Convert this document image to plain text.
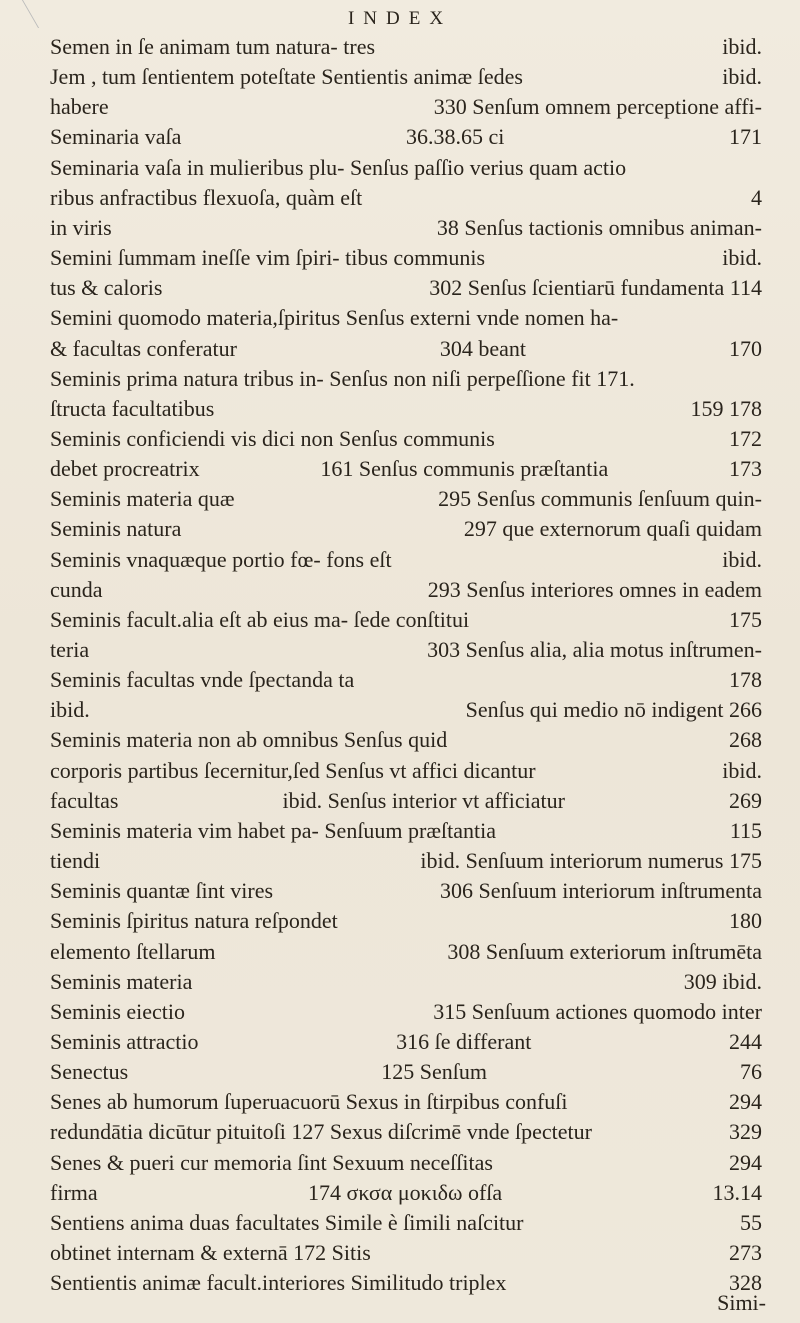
INDEX
Semen in ſe animam tum natura- tres	ibid.
Jem , tum ſentientem poteſtate Sentientis animæ ſedes	ibid.
habere	330 Senſum omnem perceptione affi-
Seminaria vaſa	36.38.65 ci	171
Seminaria vaſa in mulieribus plu- Senſus paſſio verius quam actio
ribus anfractibus flexuoſa, quàm eſt	4
in viris	38 Senſus tactionis omnibus animan-
Semini ſummam ineſſe vim ſpiri- tibus communis	ibid.
tus & caloris	302 Senſus ſcientiarū fundamenta 114
Semini quomodo materia,ſpiritus Senſus externi vnde nomen ha-
& facultas conferatur	304 beant	170
Seminis prima natura tribus in- Senſus non niſi perpeſſione fit 171.
ſtructa facultatibus	159 178
Seminis conficiendi vis dici non Senſus communis	172
debet procreatrix	161 Senſus communis præſtantia	173
Seminis materia quæ	295 Senſus communis ſenſuum quin-
Seminis natura	297 que externorum quaſi quidam
Seminis vnaquæque portio fœ- fons eſt	ibid.
cunda	293 Senſus interiores omnes in eadem
Seminis facult.alia eſt ab eius ma- ſede conſtitui	175
teria	303 Senſus alia, alia motus inſtrumen-
Seminis facultas vnde ſpectanda ta	178
ibid.	Senſus qui medio nō indigent 266
Seminis materia non ab omnibus Senſus quid	268
corporis partibus ſecernitur,ſed Senſus vt affici dicantur	ibid.
facultas	ibid. Senſus interior vt afficiatur	269
Seminis materia vim habet pa- Senſuum præſtantia	115
tiendi	ibid. Senſuum interiorum numerus 175
Seminis quantæ ſint vires	306 Senſuum interiorum inſtrumenta
Seminis ſpiritus natura reſpondet	180
elemento ſtellarum	308 Senſuum exteriorum inſtrumēta
Seminis materia	309 ibid.
Seminis eiectio	315 Senſuum actiones quomodo inter
Seminis attractio	316 ſe differant	244
Senectus	125 Senſum	76
Senes ab humorum ſuperuacuorū Sexus in ſtirpibus confuſi	294
redundātia dicūtur pituitoſi 127 Sexus diſcrimē vnde ſpectetur	329
Senes & pueri cur memoria ſint Sexuum neceſſitas	294
firma	174 σκσα μοκιδω ofſa	13.14
Sentiens anima duas facultates Simile è ſimili naſcitur	55
obtinet internam & externā 172 Sitis	273
Sentientis animæ facult.interiores Similitudo triplex	328
Simi-
